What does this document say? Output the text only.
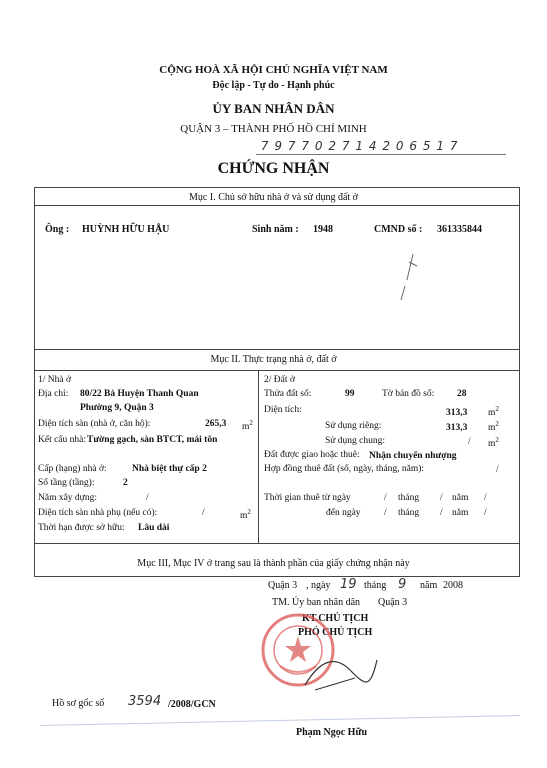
CỘNG HOÀ XÃ HỘI CHỦ NGHĨA VIỆT NAM
Độc lập - Tự do - Hạnh phúc
ỦY BAN NHÂN DÂN
QUẬN 3 – THÀNH PHỐ HỒ CHÍ MINH
7 9 7 7 0 2 7 1 4 2 0 6 5 1 7
CHỨNG NHẬN
Mục I. Chủ sở hữu nhà ở và sử dụng đất ở
Ông : HUỲNH HỮU HẬU	Sinh năm : 1948	CMND số : 361335844
Mục II. Thực trạng nhà ở, đất ở
1/ Nhà ở
Địa chỉ: 80/22 Bà Huyện Thanh Quan
Phường 9, Quận 3
Diện tích sàn (nhà ở, căn hộ):	265,3 $m^2$
Kết cấu nhà: Tường gạch, sàn BTCT, mái tôn
Cấp (hạng) nhà ở:	Nhà biệt thự cấp 2
Số tầng (tầng):	2
Năm xây dựng:	/
Diện tích sàn nhà phụ (nếu có):	/	$m^2$
Thời hạn được sở hữu: Lâu dài
2/ Đất ở
Thửa đất số:	99	Tờ bản đồ số: 28
Diện tích:	313,3 $m^2$
Sử dụng riêng:	313,3 $m^2$
Sử dụng chung:	/ $m^2$
Đất được giao hoặc thuê: Nhận chuyển nhượng
Hợp đồng thuê đất (số, ngày, tháng, năm):	/
Thời gian thuê từ ngày	/ tháng / năm /
đến ngày / tháng / năm /
Mục III, Mục IV ở trang sau là thành phần của giấy chứng nhận này
Quận 3 , ngày 19 tháng 9 năm 2008
TM. Ủy ban nhân dân Quận 3
KT.CHỦ TỊCH
PHÓ CHỦ TỊCH
Hồ sơ gốc số 3594 /2008/GCN
Phạm Ngọc Hữu
